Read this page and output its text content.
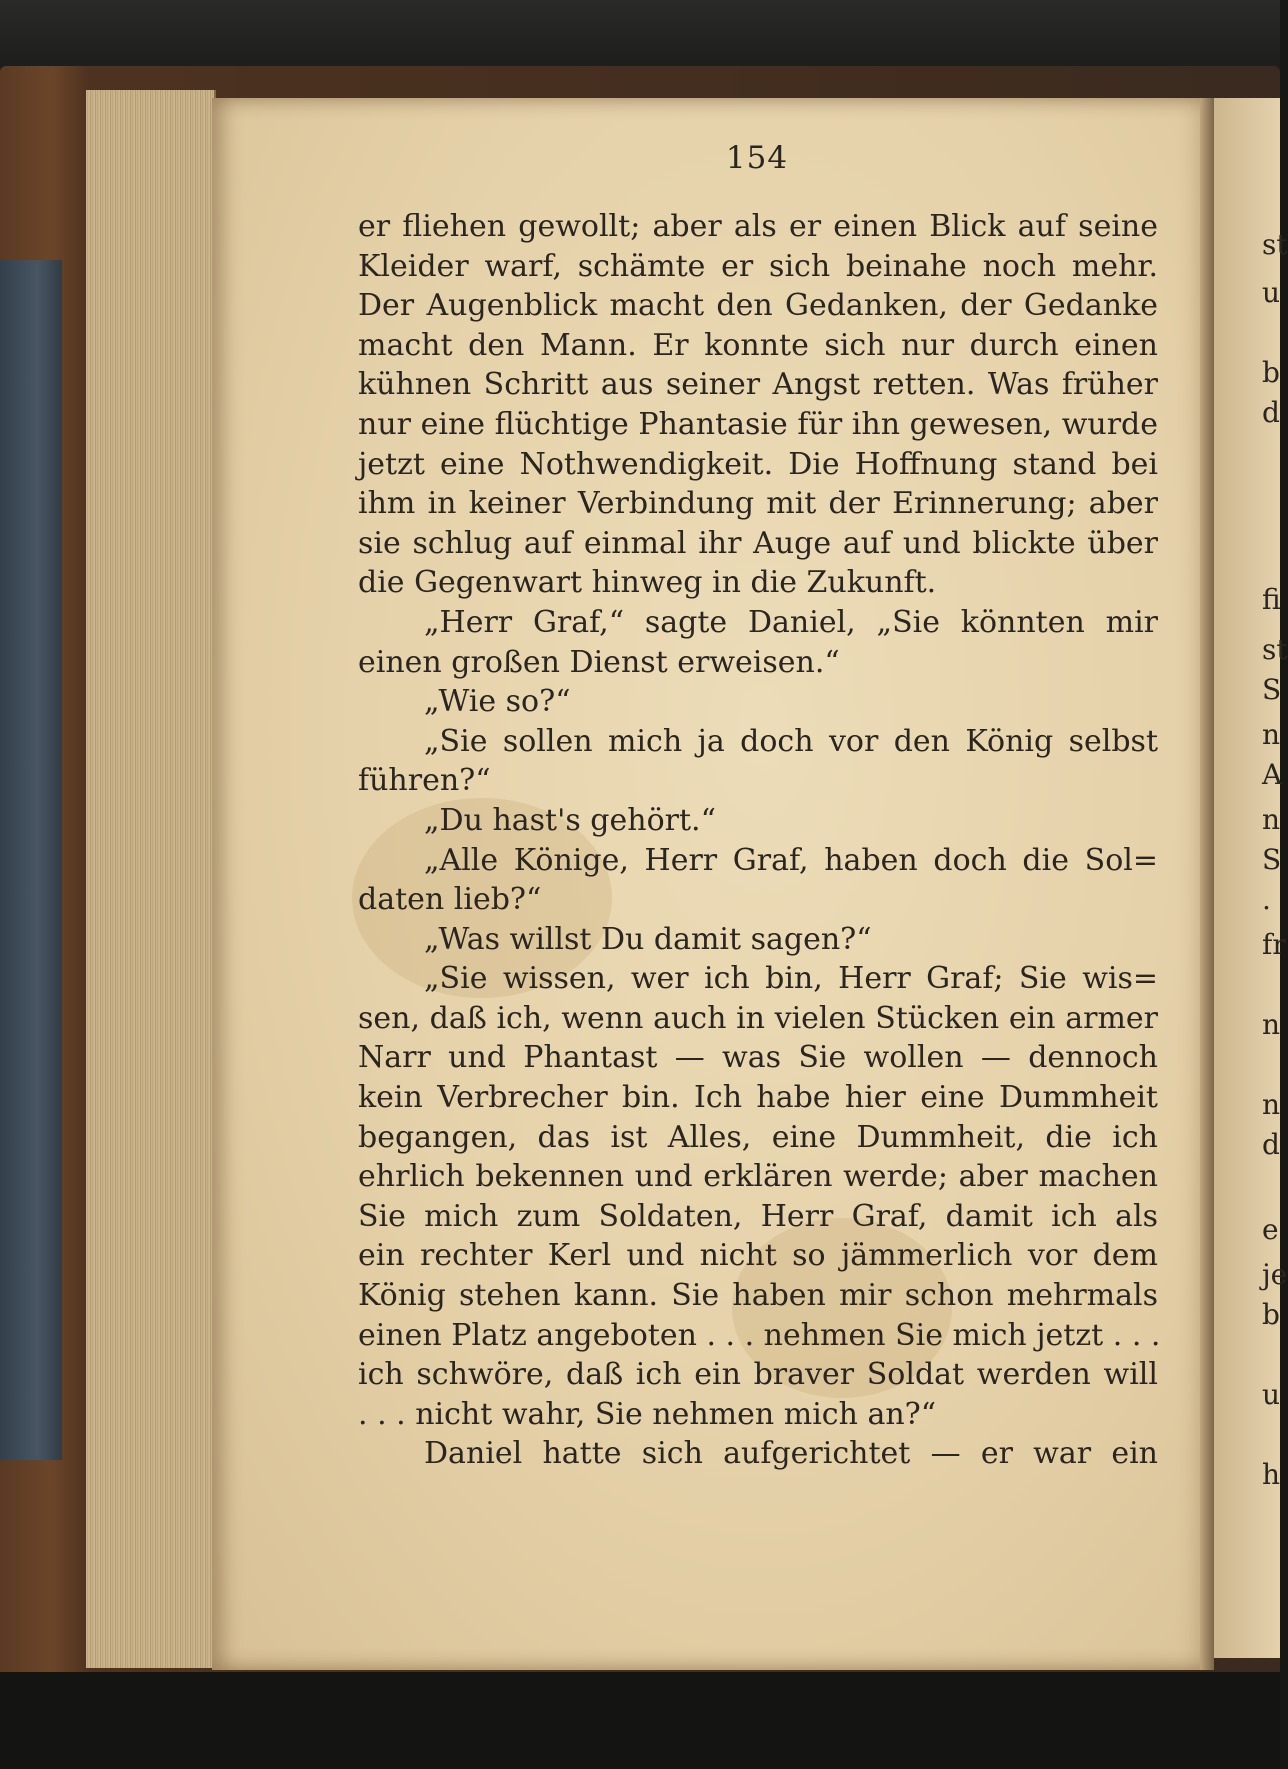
154
er fliehen gewollt; aber als er einen Blick auf seine
Kleider warf, schämte er sich beinahe noch mehr.
Der Augenblick macht den Gedanken, der Gedanke
macht den Mann. Er konnte sich nur durch einen
kühnen Schritt aus seiner Angst retten. Was früher
nur eine flüchtige Phantasie für ihn gewesen, wurde
jetzt eine Nothwendigkeit. Die Hoffnung stand bei
ihm in keiner Verbindung mit der Erinnerung; aber
sie schlug auf einmal ihr Auge auf und blickte über
die Gegenwart hinweg in die Zukunft.
„Herr Graf,“ sagte Daniel, „Sie könnten mir
einen großen Dienst erweisen.“
„Wie so?“
„Sie sollen mich ja doch vor den König selbst
führen?“
„Du hast's gehört.“
„Alle Könige, Herr Graf, haben doch die Sol=
daten lieb?“
„Was willst Du damit sagen?“
„Sie wissen, wer ich bin, Herr Graf; Sie wis=
sen, daß ich, wenn auch in vielen Stücken ein armer
Narr und Phantast — was Sie wollen — dennoch
kein Verbrecher bin. Ich habe hier eine Dummheit
begangen, das ist Alles, eine Dummheit, die ich
ehrlich bekennen und erklären werde; aber machen
Sie mich zum Soldaten, Herr Graf, damit ich als
ein rechter Kerl und nicht so jämmerlich vor dem
König stehen kann. Sie haben mir schon mehrmals
einen Platz angeboten . . . nehmen Sie mich jetzt . . .
ich schwöre, daß ich ein braver Soldat werden will
. . . nicht wahr, Sie nehmen mich an?“
Daniel hatte sich aufgerichtet — er war ein
st
u
b
d
fi
st
S
n
A
n
S
.
fr
n
n
d
e
je
b
u
h
